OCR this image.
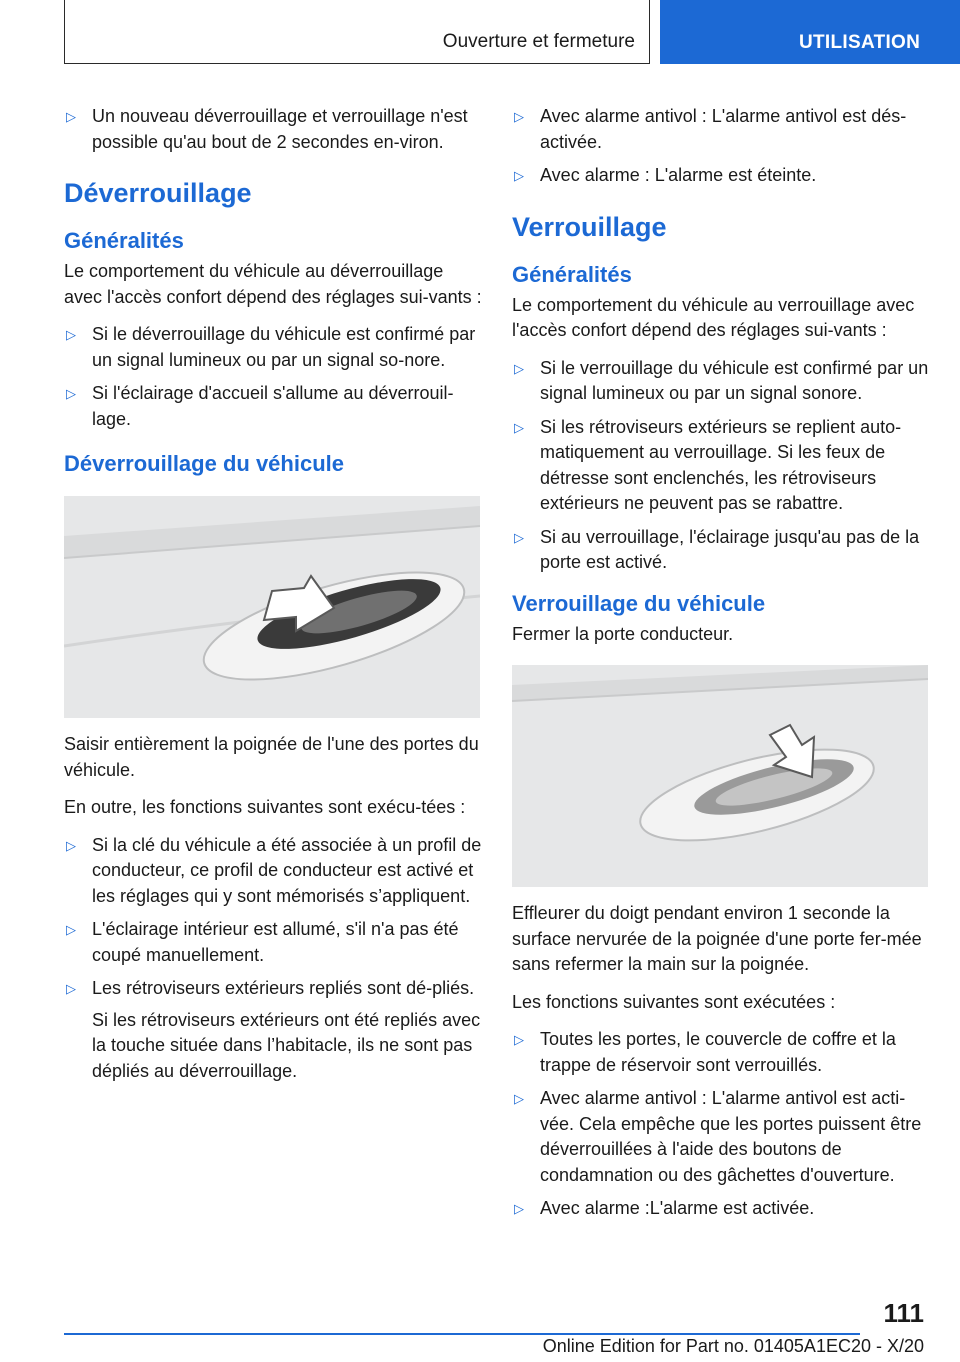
Ouverture et fermeture	UTILISATION
▷ Un nouveau déverrouillage et verrouillage n'est possible qu'au bout de 2 secondes en‐viron.
Déverrouillage
Généralités

Le comportement du véhicule au déverrouillage avec l'accès confort dépend des réglages sui‐vants :

▷ Si le déverrouillage du véhicule est confirmé par un signal lumineux ou par un signal so‐nore.
▷ Si l'éclairage d'accueil s'allume au déverrouil‐lage.
Déverrouillage du véhicule

Saisir entièrement la poignée de l'une des portes du véhicule.

En outre, les fonctions suivantes sont exécu‐tées :

▷ Si la clé du véhicule a été associée à un profil de conducteur, ce profil de conducteur est activé et les réglages qui y sont mémorisés s’appliquent.
▷ L'éclairage intérieur est allumé, s'il n'a pas été coupé manuellement.
▷ Les rétroviseurs extérieurs repliés sont dé‐pliés.

Si les rétroviseurs extérieurs ont été repliés avec la touche située dans l’habitacle, ils ne sont pas dépliés au déverrouillage.

▷ Avec alarme antivol : L'alarme antivol est dés‐activée.
▷ Avec alarme : L'alarme est éteinte.
Verrouillage
Généralités

Le comportement du véhicule au verrouillage avec l'accès confort dépend des réglages sui‐vants :

▷ Si le verrouillage du véhicule est confirmé par un signal lumineux ou par un signal sonore.
▷ Si les rétroviseurs extérieurs se replient auto‐matiquement au verrouillage. Si les feux de détresse sont enclenchés, les rétroviseurs extérieurs ne peuvent pas se rabattre.
▷ Si au verrouillage, l'éclairage jusqu'au pas de la porte est activé.
Verrouillage du véhicule

Fermer la porte conducteur.

Effleurer du doigt pendant environ 1 seconde la surface nervurée de la poignée d'une porte fer‐mée sans refermer la main sur la poignée.

Les fonctions suivantes sont exécutées :

▷ Toutes les portes, le couvercle de coffre et la trappe de réservoir sont verrouillés.
▷ Avec alarme antivol : L'alarme antivol est acti‐vée. Cela empêche que les portes puissent être déverrouillées à l'aide des boutons de condamnation ou des gâchettes d'ouverture.
▷ Avec alarme :L'alarme est activée.
111
Online Edition for Part no. 01405A1EC20 - X/20
